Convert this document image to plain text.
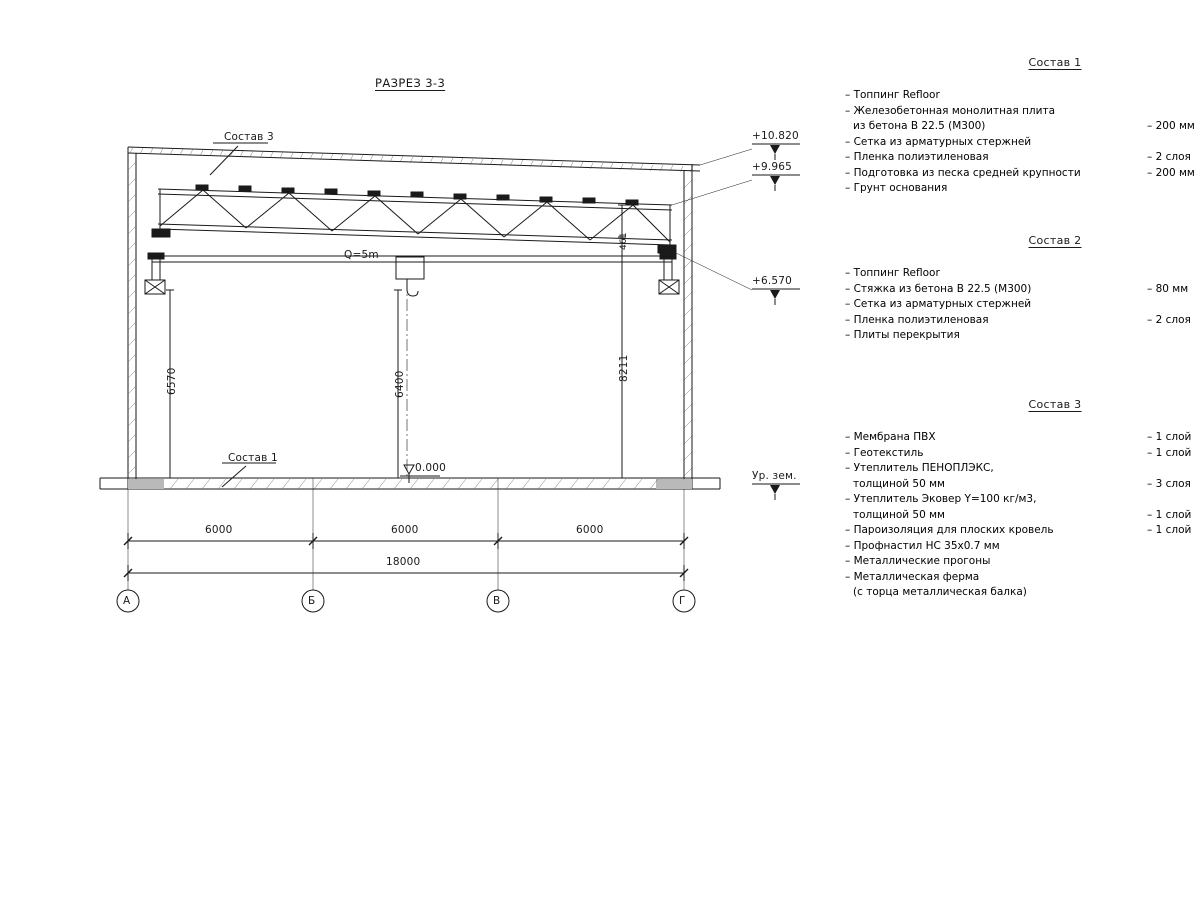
РАЗРЕЗ 3-3
Состав 3
Состав 1
Q=5m
+10.820
+9.965
+6.570
0.000
Ур. зем.
6570	6400
8211
461
6000	6000	6000
18000
А	Б	В	Г
Состав 1
– Топпинг Refloor
– Железобетонная монолитная плита
из бетона В 22.5 (М300)	– 200 мм
– Сетка из арматурных стержней
– Пленка полиэтиленовая	– 2 слоя
– Подготовка из песка средней крупности	– 200 мм
– Грунт основания
Состав 2
– Топпинг Refloor
– Стяжка из бетона В 22.5 (М300)	– 80 мм
– Сетка из арматурных стержней
– Пленка полиэтиленовая	– 2 слоя
– Плиты перекрытия
Состав 3
– Мембрана ПВХ	– 1 слой
– Геотекстиль	– 1 слой
– Утеплитель ПЕНОПЛЭКС,
толщиной 50 мм	– 3 слоя
– Утеплитель Эковер Y=100 кг/м3,
толщиной 50 мм	– 1 слой
– Пароизоляция для плоских кровель	– 1 слой
– Профнастил НС 35х0.7 мм
– Металлические прогоны
– Металлическая ферма
(с торца металлическая балка)
